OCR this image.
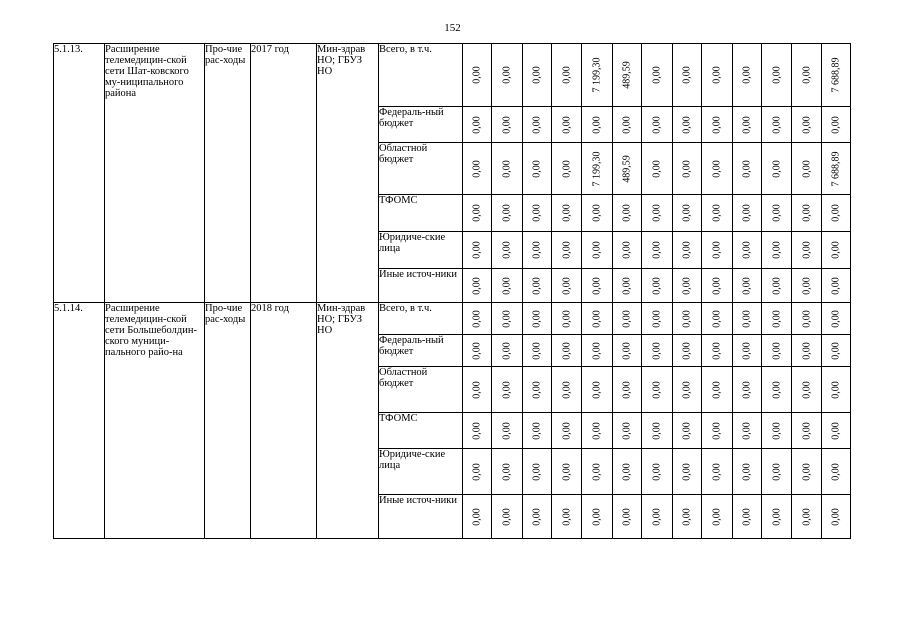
152
5.1.13.	Расширение телемедицин-ской сети Шат-ковского му-ниципального района	Про-чие рас-ходы	2017 год	Мин-здрав НО; ГБУЗ НО	Всего, в т.ч.	0,00	0,00	0,00	0,00	7 199,30	489,59	0,00	0,00	0,00	0,00	0,00	0,00	7 688,89

					Федераль-ный бюджет	0,00	0,00	0,00	0,00	0,00	0,00	0,00	0,00	0,00	0,00	0,00	0,00	0,00

					Областной бюджет	0,00	0,00	0,00	0,00	7 199,30	489,59	0,00	0,00	0,00	0,00	0,00	0,00	7 688,89

					ТФОМС	0,00	0,00	0,00	0,00	0,00	0,00	0,00	0,00	0,00	0,00	0,00	0,00	0,00

					Юридиче-ские лица	0,00	0,00	0,00	0,00	0,00	0,00	0,00	0,00	0,00	0,00	0,00	0,00	0,00

					Иные источ-ники	0,00	0,00	0,00	0,00	0,00	0,00	0,00	0,00	0,00	0,00	0,00	0,00	0,00

5.1.14.	Расширение телемедицин-ской сети Большеболдин-ского муници-пального райо-на	Про-чие рас-ходы	2018 год	Мин-здрав НО; ГБУЗ НО	Всего, в т.ч.	0,00	0,00	0,00	0,00	0,00	0,00	0,00	0,00	0,00	0,00	0,00	0,00	0,00

					Федераль-ный бюджет	0,00	0,00	0,00	0,00	0,00	0,00	0,00	0,00	0,00	0,00	0,00	0,00	0,00

					Областной бюджет	0,00	0,00	0,00	0,00	0,00	0,00	0,00	0,00	0,00	0,00	0,00	0,00	0,00

					ТФОМС	0,00	0,00	0,00	0,00	0,00	0,00	0,00	0,00	0,00	0,00	0,00	0,00	0,00

					Юридиче-ские лица	0,00	0,00	0,00	0,00	0,00	0,00	0,00	0,00	0,00	0,00	0,00	0,00	0,00

					Иные источ-ники	0,00	0,00	0,00	0,00	0,00	0,00	0,00	0,00	0,00	0,00	0,00	0,00	0,00
